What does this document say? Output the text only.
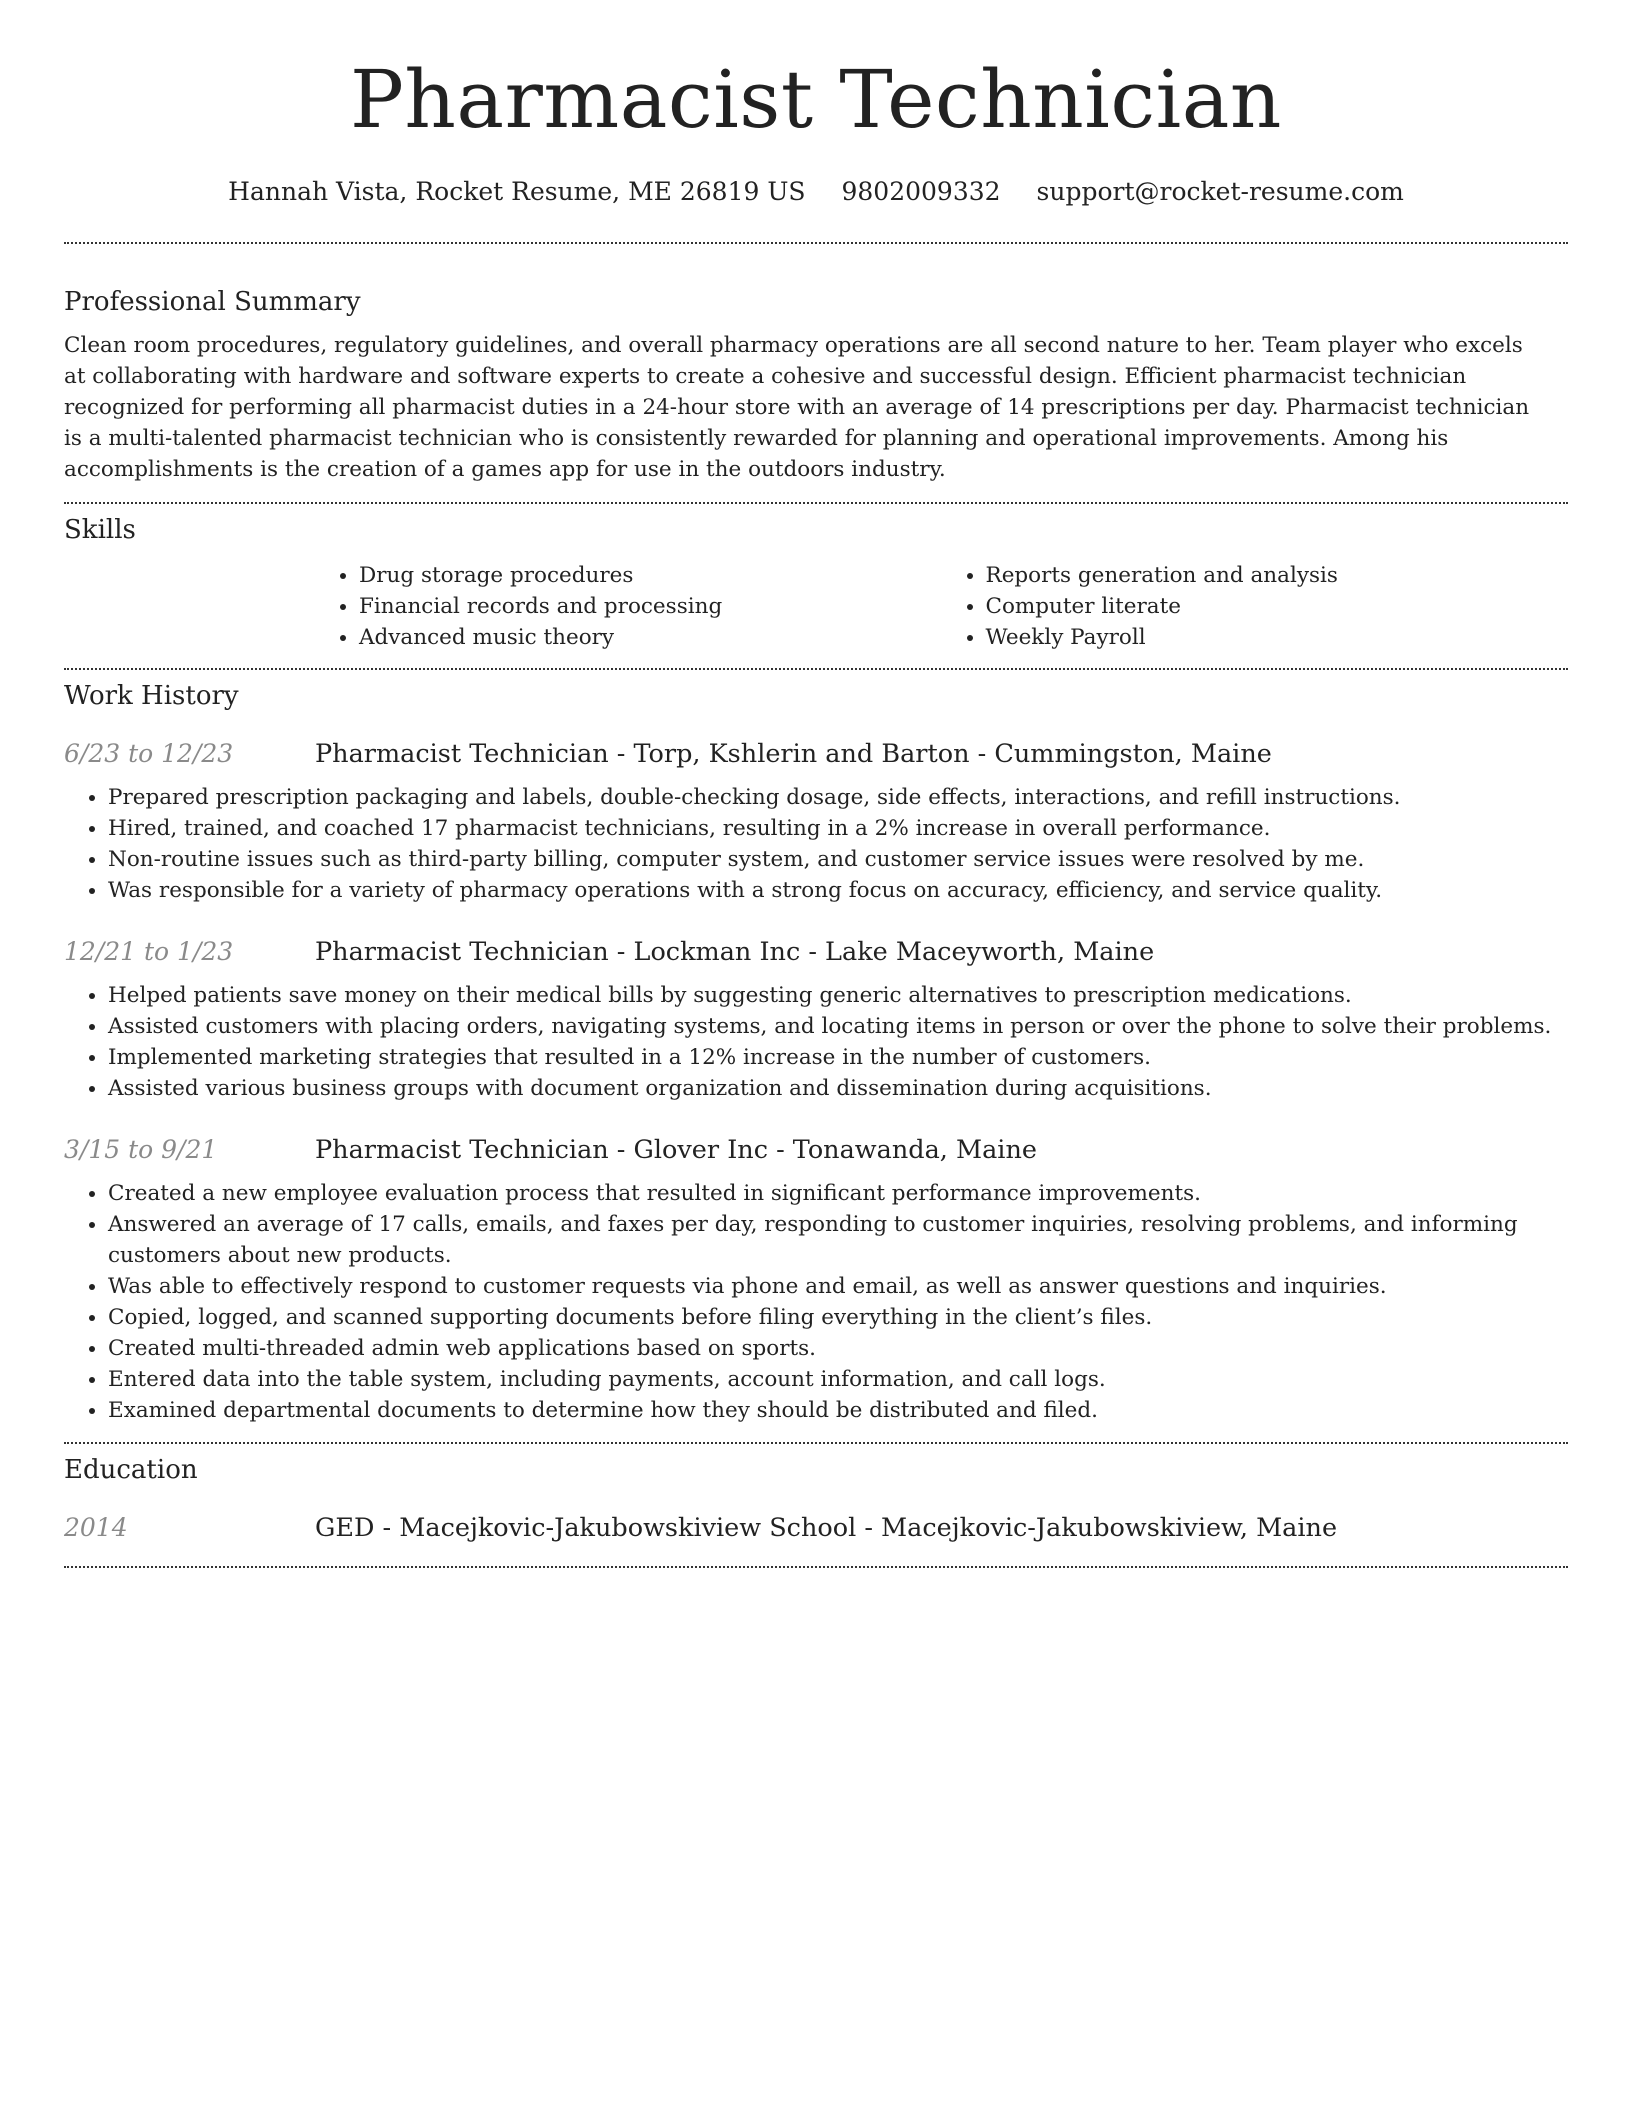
Pharmacist Technician
Hannah Vista, Rocket Resume, ME 26819 US 9802009332 support@rocket-resume.com
Professional Summary

Clean room procedures, regulatory guidelines, and overall pharmacy operations are all second nature to her. Team player who excels at collaborating with hardware and software experts to create a cohesive and successful design. Efficient pharmacist technician recognized for performing all pharmacist duties in a 24-hour store with an average of 14 prescriptions per day. Pharmacist technician is a multi-talented pharmacist technician who is consistently rewarded for planning and operational improvements. Among his accomplishments is the creation of a games app for use in the outdoors industry.

Skills
• Drug storage procedures
• Financial records and processing
• Advanced music theory
• Reports generation and analysis
• Computer literate
• Weekly Payroll
Work History
6/23 to 12/23	Pharmacist Technician - Torp, Kshlerin and Barton - Cummingston, Maine
• Prepared prescription packaging and labels, double-checking dosage, side effects, interactions, and refill instructions.
• Hired, trained, and coached 17 pharmacist technicians, resulting in a 2% increase in overall performance.
• Non-routine issues such as third-party billing, computer system, and customer service issues were resolved by me.
• Was responsible for a variety of pharmacy operations with a strong focus on accuracy, efficiency, and service quality.
12/21 to 1/23	Pharmacist Technician - Lockman Inc - Lake Maceyworth, Maine
• Helped patients save money on their medical bills by suggesting generic alternatives to prescription medications.
• Assisted customers with placing orders, navigating systems, and locating items in person or over the phone to solve their problems.
• Implemented marketing strategies that resulted in a 12% increase in the number of customers.
• Assisted various business groups with document organization and dissemination during acquisitions.
3/15 to 9/21	Pharmacist Technician - Glover Inc - Tonawanda, Maine
• Created a new employee evaluation process that resulted in significant performance improvements.
• Answered an average of 17 calls, emails, and faxes per day, responding to customer inquiries, resolving problems, and informing customers about new products.
• Was able to effectively respond to customer requests via phone and email, as well as answer questions and inquiries.
• Copied, logged, and scanned supporting documents before filing everything in the client’s files.
• Created multi-threaded admin web applications based on sports.
• Entered data into the table system, including payments, account information, and call logs.
• Examined departmental documents to determine how they should be distributed and filed.
Education
2014	GED - Macejkovic-Jakubowskiview School - Macejkovic-Jakubowskiview, Maine
